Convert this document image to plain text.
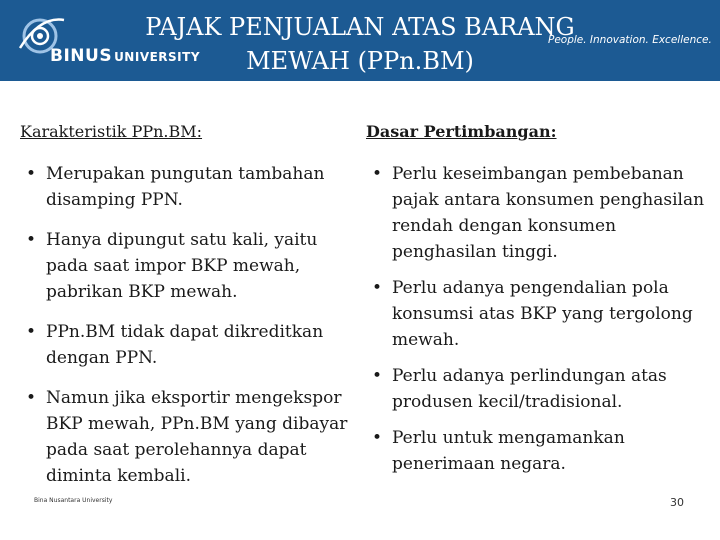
BINUS UNIVERSITY
People. Innovation. Excellence.
PAJAK PENJUALAN ATAS BARANG
MEWAH (PPn.BM)
Karakteristik PPn.BM:
• Merupakan pungutan tambahan disamping PPN.
• Hanya dipungut satu kali, yaitu pada saat impor BKP mewah, pabrikan BKP mewah.
• PPn.BM tidak dapat dikreditkan dengan PPN.
• Namun jika eksportir mengekspor BKP mewah, PPn.BM yang dibayar pada saat perolehannya dapat diminta kembali.
Dasar Pertimbangan:
• Perlu keseimbangan pembebanan pajak antara konsumen penghasilan rendah dengan konsumen penghasilan tinggi.
• Perlu adanya pengendalian pola konsumsi atas BKP yang tergolong mewah.
• Perlu adanya perlindungan atas produsen kecil/tradisional.
• Perlu untuk mengamankan penerimaan negara.
Bina Nusantara University	30
